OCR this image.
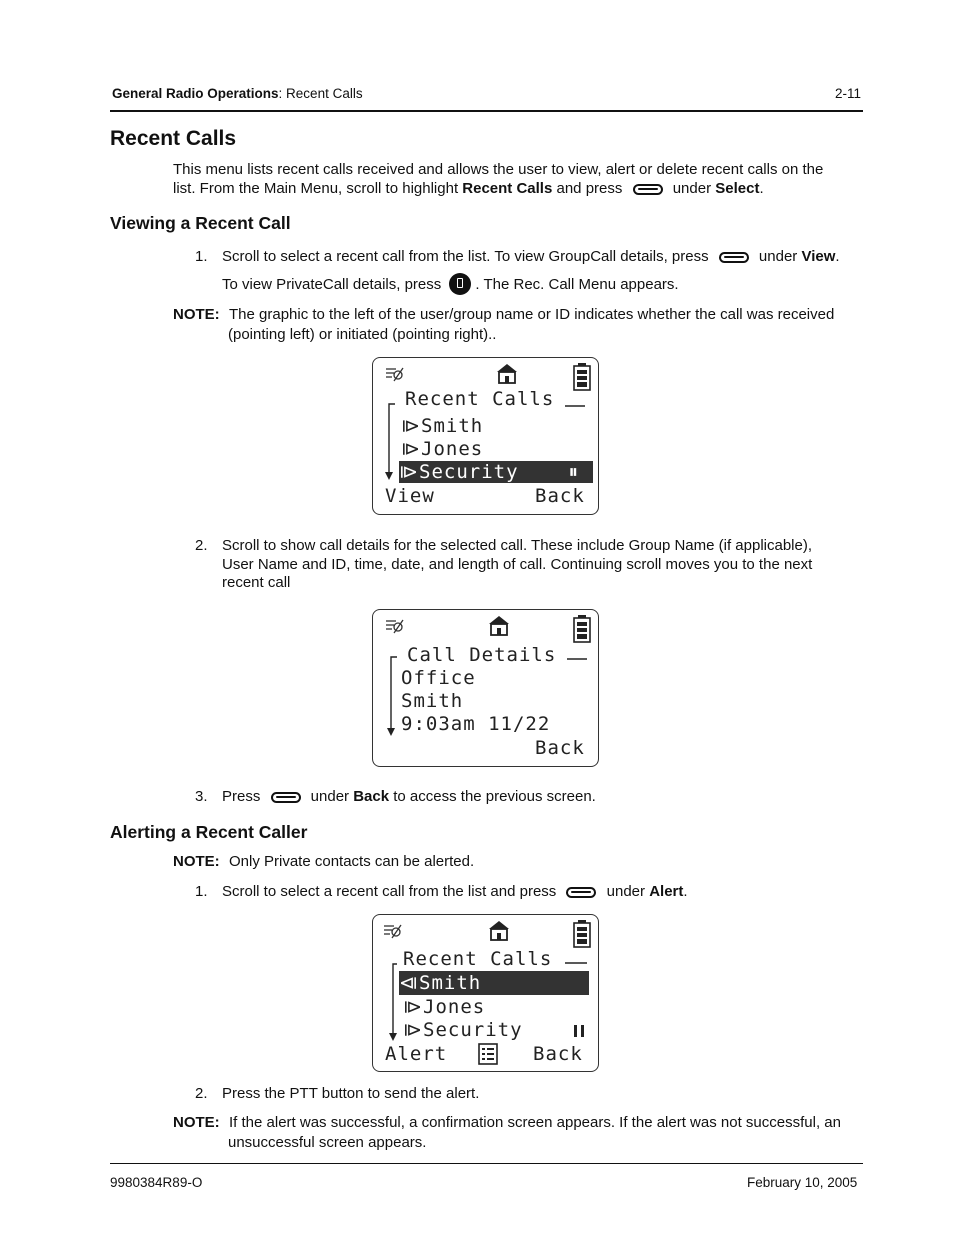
General Radio Operations: Recent Calls	2-11
Recent Calls
This menu lists recent calls received and allows the user to view, alert or delete recent calls on the
list. From the Main Menu, scroll to highlight Recent Calls and press	under Select.
Viewing a Recent Call
1. Scroll to select a recent call from the list. To view GroupCall details, press	under View.
To view PrivateCall details, press . The Rec. Call Menu appears.
NOTE: The graphic to the left of the user/group name or ID indicates whether the call was received
(pointing left) or initiated (pointing right)..
Recent Calls
⧐Smith
⧐Jones
⧐Security	⏸
View	Back
2. Scroll to show call details for the selected call. These include Group Name (if applicable),
User Name and ID, time, date, and length of call. Continuing scroll moves you to the next
recent call
Call Details
Office
Smith
9:03am 11/22
Back
3. Press	under Back to access the previous screen.
Alerting a Recent Caller
NOTE: Only Private contacts can be alerted.
1. Scroll to select a recent call from the list and press	under Alert.
Recent Calls
⧏Smith
⧐Jones
⧐Security
Alert	Back
2. Press the PTT button to send the alert.
NOTE: If the alert was successful, a confirmation screen appears. If the alert was not successful, an
unsuccessful screen appears.
9980384R89-O	February 10, 2005
